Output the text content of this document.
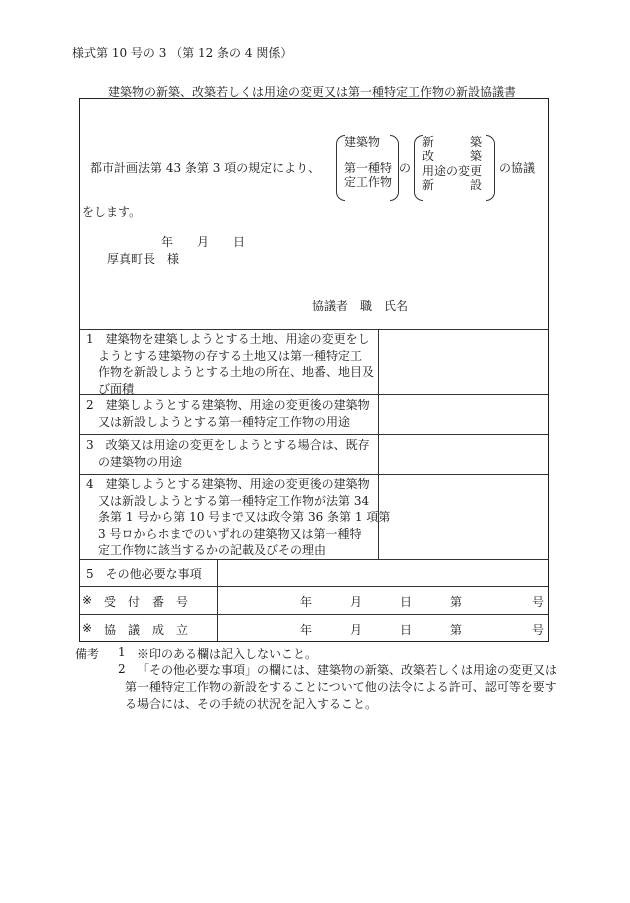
様式第 10 号の 3 （第 12 条の 4 関係）
建築物の新築、改築若しくは用途の変更又は第一種特定工作物の新設協議書
都市計画法第 43 条第 3 項の規定により、
建築物
第一種特
定工作物
の
新　　　築
改　　　築
用途の変更
新　　　設
の協議
をします。
年　　月　　日
厚真町長　様
協議者　職　氏名
1　建築物を建築しようとする土地、用途の変更をし
ようとする建築物の存する土地又は第一種特定工
作物を新設しようとする土地の所在、地番、地目及
び面積
2　建築しようとする建築物、用途の変更後の建築物
又は新設しようとする第一種特定工作物の用途
3　改築又は用途の変更をしようとする場合は、既存
の建築物の用途
4　建築しようとする建築物、用途の変更後の建築物
又は新設しようとする第一種特定工作物が法第 34
条第 1 号から第 10 号まで又は政令第 36 条第 1 項第
3 号ロからホまでのいずれの建築物又は第一種特
定工作物に該当するかの記載及びその理由
5　その他必要な事項
※ 受　付　番　号	年	月	日	第	号
※ 協　議　成　立	年	月	日	第	号
備考 1 ※印のある欄は記入しないこと。
2 「その他必要な事項」の欄には、建築物の新築、改築若しくは用途の変更又は
第一種特定工作物の新設をすることについて他の法令による許可、認可等を要す
る場合には、その手続の状況を記入すること。
